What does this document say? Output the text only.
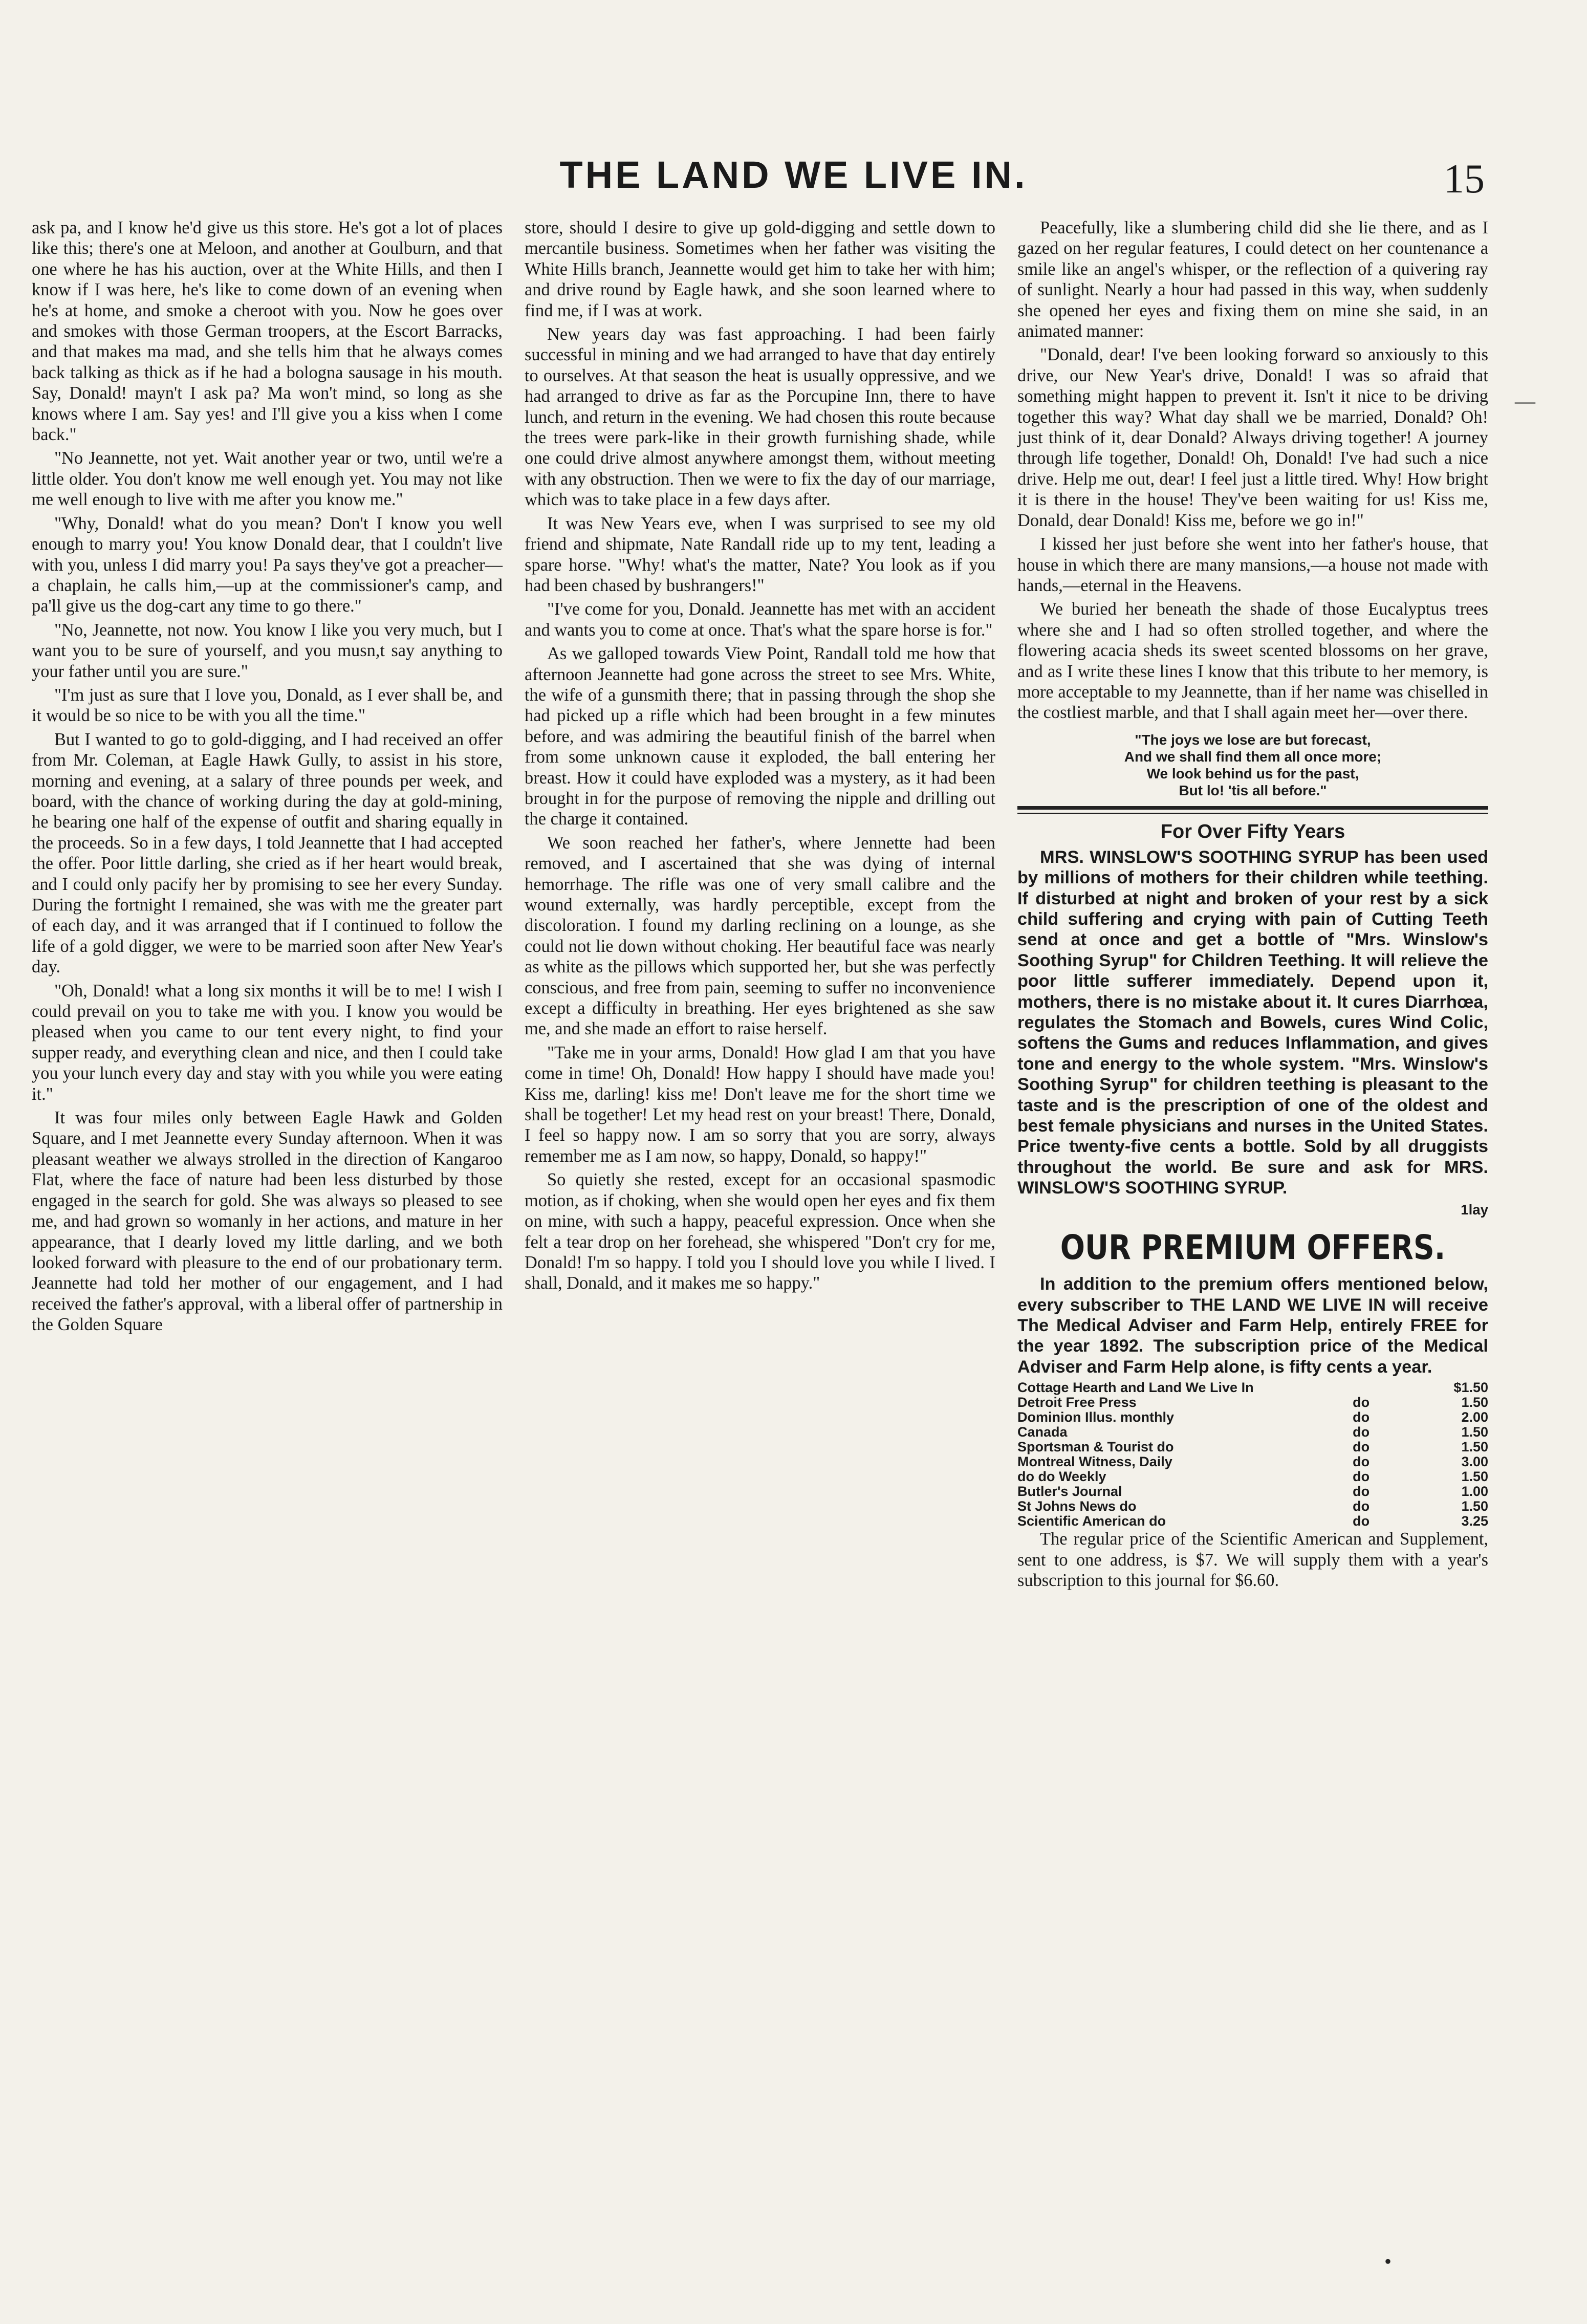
THE LAND WE LIVE IN.	15

ask pa, and I know he'd give us this store. He's got a lot of places like this; there's one at Meloon, and another at Goulburn, and that one where he has his auction, over at the White Hills, and then I know if I was here, he's like to come down of an evening when he's at home, and smoke a cheroot with you. Now he goes over and smokes with those German troopers, at the Escort Barracks, and that makes ma mad, and she tells him that he always comes back talking as thick as if he had a bologna sausage in his mouth. Say, Donald! mayn't I ask pa? Ma won't mind, so long as she knows where I am. Say yes! and I'll give you a kiss when I come back."

"No Jeannette, not yet. Wait another year or two, until we're a little older. You don't know me well enough yet. You may not like me well enough to live with me after you know me."

"Why, Donald! what do you mean? Don't I know you well enough to marry you! You know Donald dear, that I couldn't live with you, unless I did marry you! Pa says they've got a preacher—a chaplain, he calls him,—up at the commissioner's camp, and pa'll give us the dog-cart any time to go there."

"No, Jeannette, not now. You know I like you very much, but I want you to be sure of yourself, and you musn,t say anything to your father until you are sure."

"I'm just as sure that I love you, Donald, as I ever shall be, and it would be so nice to be with you all the time."

But I wanted to go to gold-digging, and I had received an offer from Mr. Coleman, at Eagle Hawk Gully, to assist in his store, morning and evening, at a salary of three pounds per week, and board, with the chance of working during the day at gold-mining, he bearing one half of the expense of outfit and sharing equally in the proceeds. So in a few days, I told Jeannette that I had accepted the offer. Poor little darling, she cried as if her heart would break, and I could only pacify her by promising to see her every Sunday. During the fortnight I remained, she was with me the greater part of each day, and it was arranged that if I continued to follow the life of a gold digger, we were to be married soon after New Year's day.

"Oh, Donald! what a long six months it will be to me! I wish I could prevail on you to take me with you. I know you would be pleased when you came to our tent every night, to find your supper ready, and everything clean and nice, and then I could take you your lunch every day and stay with you while you were eating it."

It was four miles only between Eagle Hawk and Golden Square, and I met Jeannette every Sunday afternoon. When it was pleasant weather we always strolled in the direction of Kangaroo Flat, where the face of nature had been less disturbed by those engaged in the search for gold. She was always so pleased to see me, and had grown so womanly in her actions, and mature in her appearance, that I dearly loved my little darling, and we both looked forward with pleasure to the end of our probationary term. Jeannette had told her mother of our engagement, and I had received the father's approval, with a liberal offer of partnership in the Golden Square

store, should I desire to give up gold-digging and settle down to mercantile business. Sometimes when her father was visiting the White Hills branch, Jeannette would get him to take her with him; and drive round by Eagle hawk, and she soon learned where to find me, if I was at work.

New years day was fast approaching. I had been fairly successful in mining and we had arranged to have that day entirely to ourselves. At that season the heat is usually oppressive, and we had arranged to drive as far as the Porcupine Inn, there to have lunch, and return in the evening. We had chosen this route because the trees were park-like in their growth furnishing shade, while one could drive almost anywhere amongst them, without meeting with any obstruction. Then we were to fix the day of our marriage, which was to take place in a few days after.

It was New Years eve, when I was surprised to see my old friend and shipmate, Nate Randall ride up to my tent, leading a spare horse. "Why! what's the matter, Nate? You look as if you had been chased by bushrangers!"

"I've come for you, Donald. Jeannette has met with an accident and wants you to come at once. That's what the spare horse is for."

As we galloped towards View Point, Randall told me how that afternoon Jeannette had gone across the street to see Mrs. White, the wife of a gunsmith there; that in passing through the shop she had picked up a rifle which had been brought in a few minutes before, and was admiring the beautiful finish of the barrel when from some unknown cause it exploded, the ball entering her breast. How it could have exploded was a mystery, as it had been brought in for the purpose of removing the nipple and drilling out the charge it contained.

We soon reached her father's, where Jennette had been removed, and I ascertained that she was dying of internal hemorrhage. The rifle was one of very small calibre and the wound externally, was hardly perceptible, except from the discoloration. I found my darling reclining on a lounge, as she could not lie down without choking. Her beautiful face was nearly as white as the pillows which supported her, but she was perfectly conscious, and free from pain, seeming to suffer no inconvenience except a difficulty in breathing. Her eyes brightened as she saw me, and she made an effort to raise herself.

"Take me in your arms, Donald! How glad I am that you have come in time! Oh, Donald! How happy I should have made you! Kiss me, darling! kiss me! Don't leave me for the short time we shall be together! Let my head rest on your breast! There, Donald, I feel so happy now. I am so sorry that you are sorry, always remember me as I am now, so happy, Donald, so happy!"

So quietly she rested, except for an occasional spasmodic motion, as if choking, when she would open her eyes and fix them on mine, with such a happy, peaceful expression. Once when she felt a tear drop on her forehead, she whispered "Don't cry for me, Donald! I'm so happy. I told you I should love you while I lived. I shall, Donald, and it makes me so happy."

Peacefully, like a slumbering child did she lie there, and as I gazed on her regular features, I could detect on her countenance a smile like an angel's whisper, or the reflection of a quivering ray of sunlight. Nearly a hour had passed in this way, when suddenly she opened her eyes and fixing them on mine she said, in an animated manner:

"Donald, dear! I've been looking forward so anxiously to this drive, our New Year's drive, Donald! I was so afraid that something might happen to prevent it. Isn't it nice to be driving together this way? What day shall we be married, Donald? Oh! just think of it, dear Donald? Always driving together! A journey through life together, Donald! Oh, Donald! I've had such a nice drive. Help me out, dear! I feel just a little tired. Why! How bright it is there in the house! They've been waiting for us! Kiss me, Donald, dear Donald! Kiss me, before we go in!"

I kissed her just before she went into her father's house, that house in which there are many mansions,—a house not made with hands,—eternal in the Heavens.

We buried her beneath the shade of those Eucalyptus trees where she and I had so often strolled together, and where the flowering acacia sheds its sweet scented blossoms on her grave, and as I write these lines I know that this tribute to her memory, is more acceptable to my Jeannette, than if her name was chiselled in the costliest marble, and that I shall again meet her—over there.

"The joys we lose are but forecast,
And we shall find them all once more;
We look behind us for the past,
But lo! 'tis all before."
For Over Fifty Years

MRS. WINSLOW'S SOOTHING SYRUP has been used by millions of mothers for their children while teething. If disturbed at night and broken of your rest by a sick child suffering and crying with pain of Cutting Teeth send at once and get a bottle of "Mrs. Winslow's Soothing Syrup" for Children Teething. It will relieve the poor little sufferer immediately. Depend upon it, mothers, there is no mistake about it. It cures Diarrhœa, regulates the Stomach and Bowels, cures Wind Colic, softens the Gums and reduces Inflammation, and gives tone and energy to the whole system. "Mrs. Winslow's Soothing Syrup" for children teething is pleasant to the taste and is the prescription of one of the oldest and best female physicians and nurses in the United States. Price twenty-five cents a bottle. Sold by all druggists throughout the world. Be sure and ask for MRS. WINSLOW'S SOOTHING SYRUP.

1lay
OUR PREMIUM OFFERS.

In addition to the premium offers mentioned below, every subscriber to THE LAND WE LIVE IN will receive The Medical Adviser and Farm Help, entirely FREE for the year 1892. The subscription price of the Medical Adviser and Farm Help alone, is fifty cents a year.

Cottage Hearth and Land We Live In		$1.50
Detroit Free Press	do	1.50
Dominion Illus. monthly	do	2.00
Canada	do	1.50
Sportsman & Tourist do	do	1.50
Montreal Witness, Daily	do	3.00
do do Weekly	do	1.50
Butler's Journal	do	1.00
St Johns News do	do	1.50
Scientific American do	do	3.25

The regular price of the Scientific American and Supplement, sent to one address, is $7. We will supply them with a year's subscription to this journal for $6.60.

—
•
